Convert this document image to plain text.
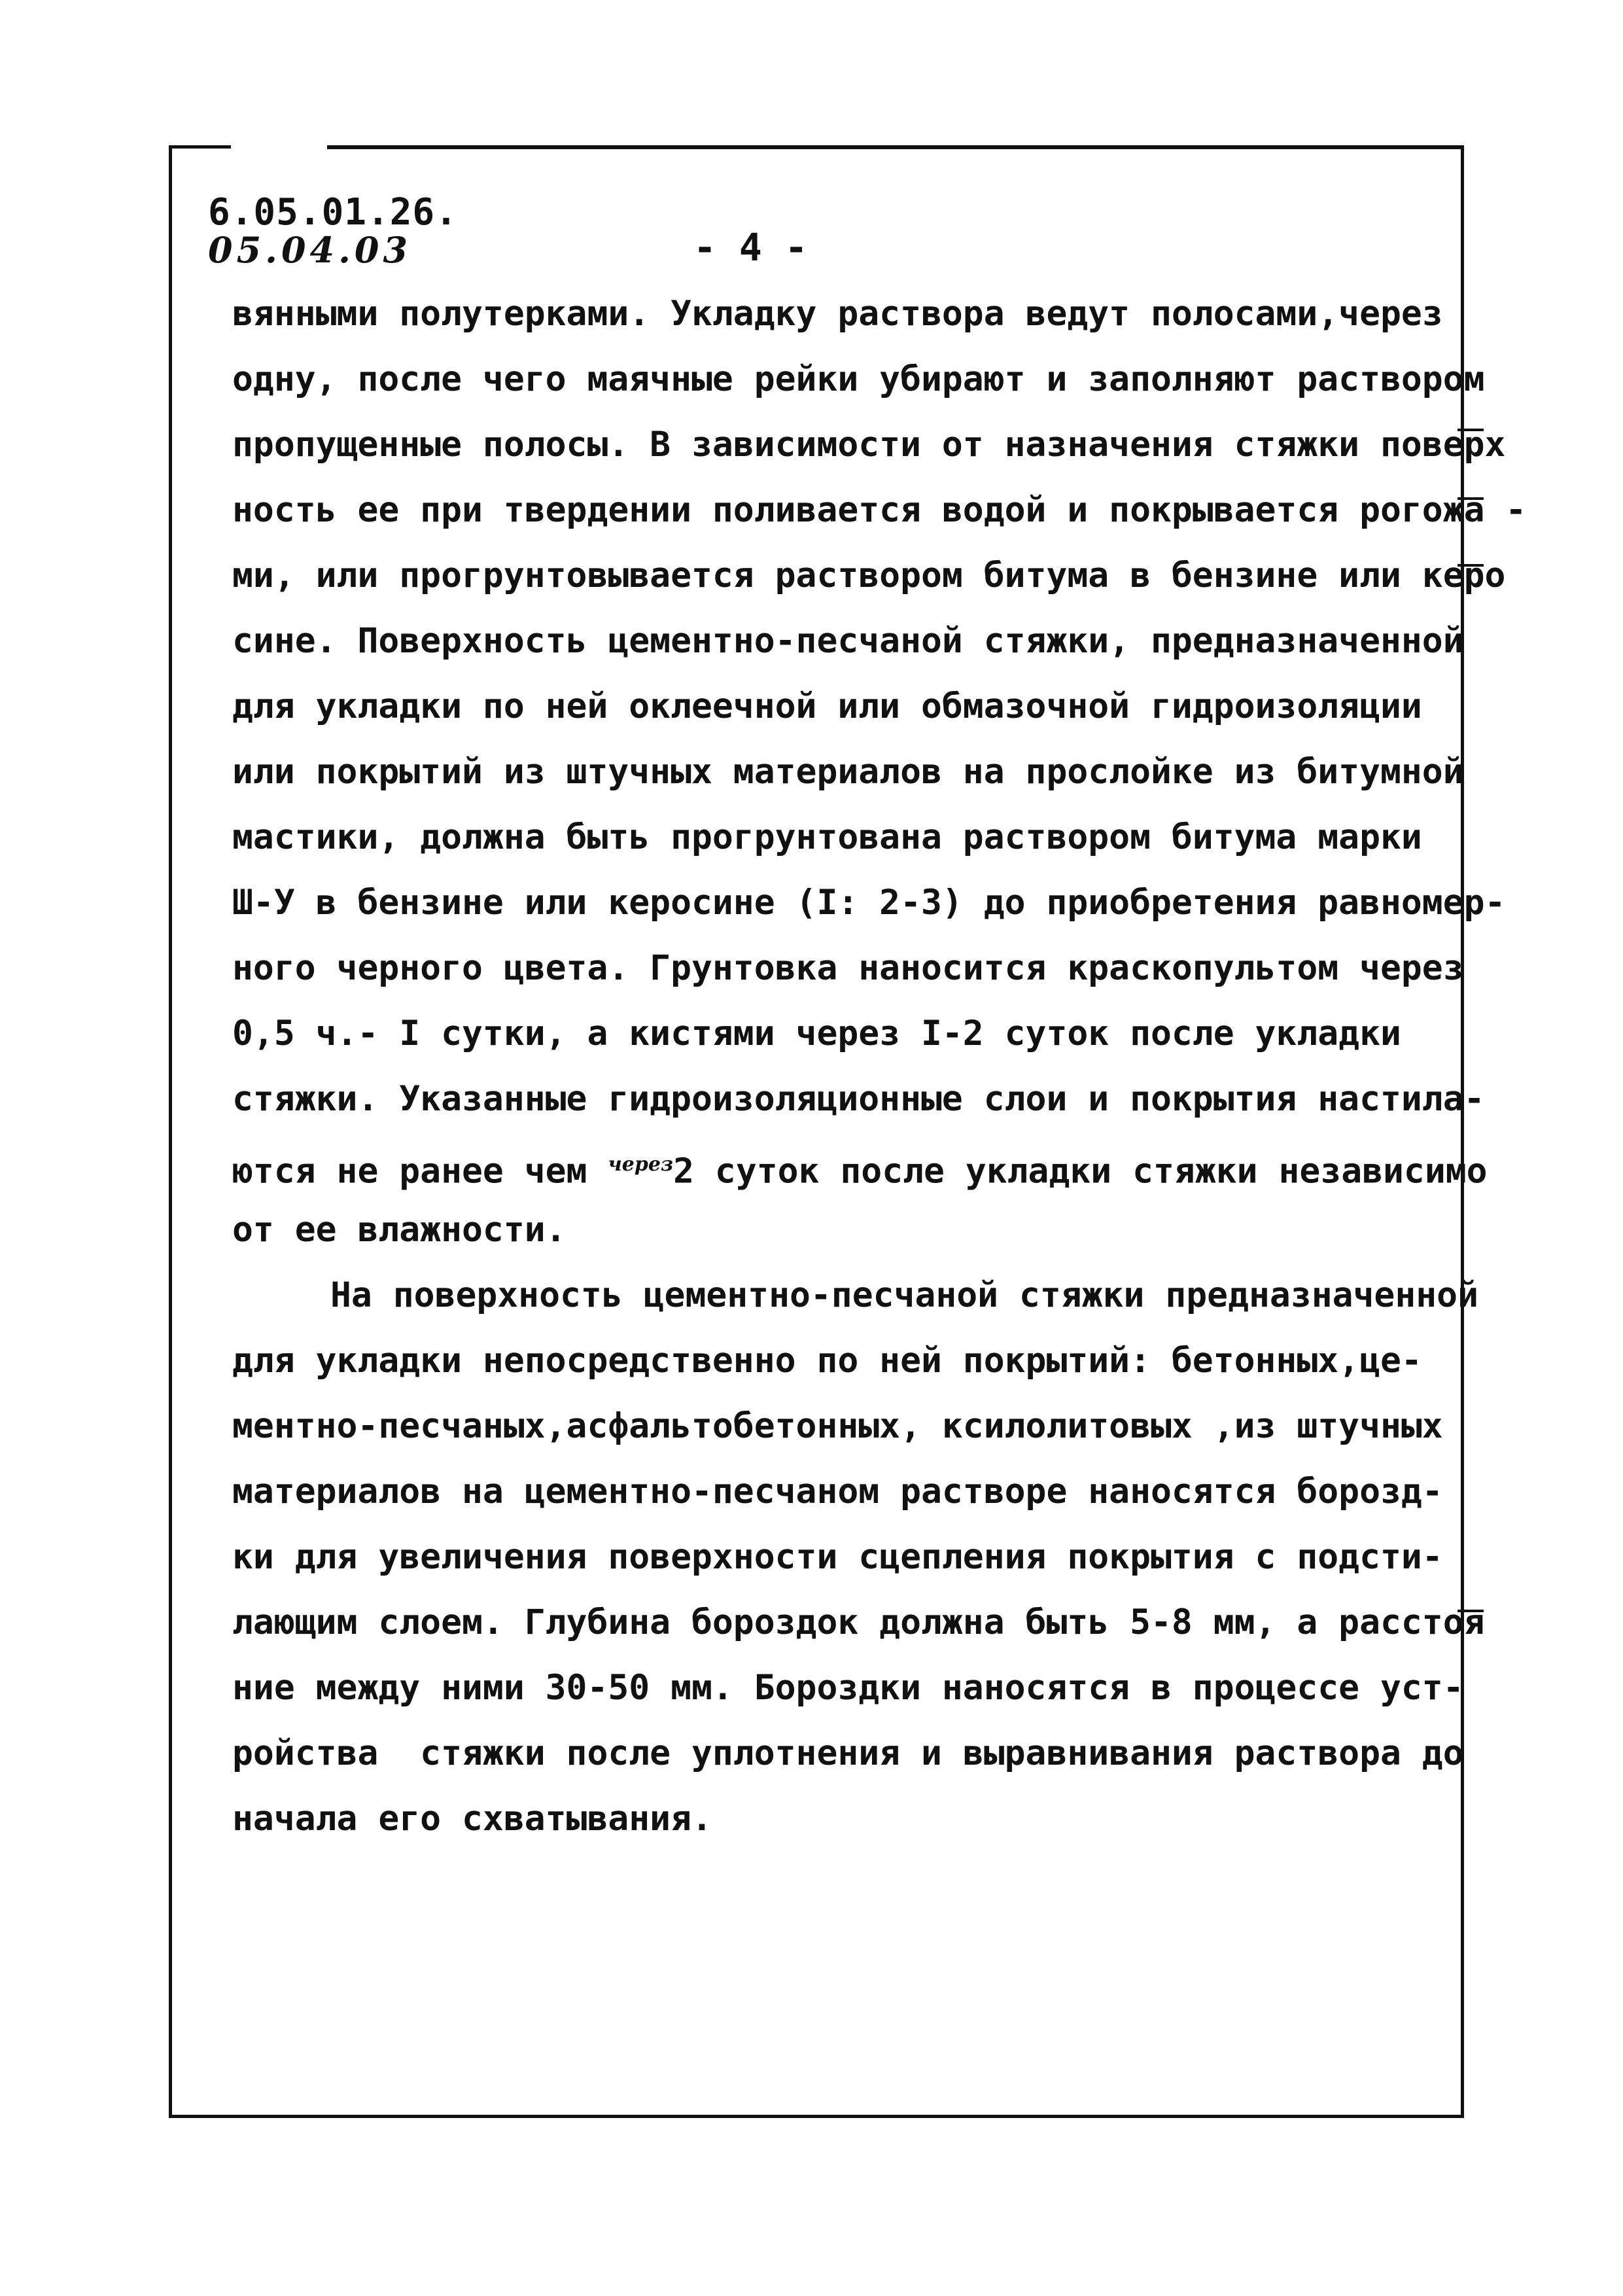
6.05.01.26.
05.04.03	- 4 -
вянными полутерками. Укладку раствора ведут полосами,через
одну, после чего маячные рейки убирают и заполняют раствором
пропущенные полосы. В зависимости от назначения стяжки поверх
ность ее при твердении поливается водой и покрывается рогожа -
ми, или прогрунтовывается раствором битума в бензине или керо
сине. Поверхность цементно-песчаной стяжки, предназначенной
для укладки по ней оклеечной или обмазочной гидроизоляции
или покрытий из штучных материалов на прослойке из битумной
мастики, должна быть прогрунтована раствором битума марки
Ш-У в бензине или керосине (I: 2-3) до приобретения равномер-
ного черного цвета. Грунтовка наносится краскопультом через
0,5 ч.- I сутки, а кистями через I-2 суток после укладки
стяжки. Указанные гидроизоляционные слои и покрытия настила-
ются не ранее чем $^{через}$2 суток после укладки стяжки независимо
от ее влажности.
На поверхность цементно-песчаной стяжки предназначенной
для укладки непосредственно по ней покрытий: бетонных,це-
ментно-песчаных,асфальтобетонных, ксилолитовых ,из штучных
материалов на цементно-песчаном растворе наносятся борозд-
ки для увеличения поверхности сцепления покрытия с подсти-
лающим слоем. Глубина бороздок должна быть 5-8 мм, а расстоя
ние между ними 30-50 мм. Бороздки наносятся в процессе уст-
ройства  стяжки после уплотнения и выравнивания раствора до
начала его схватывания.
